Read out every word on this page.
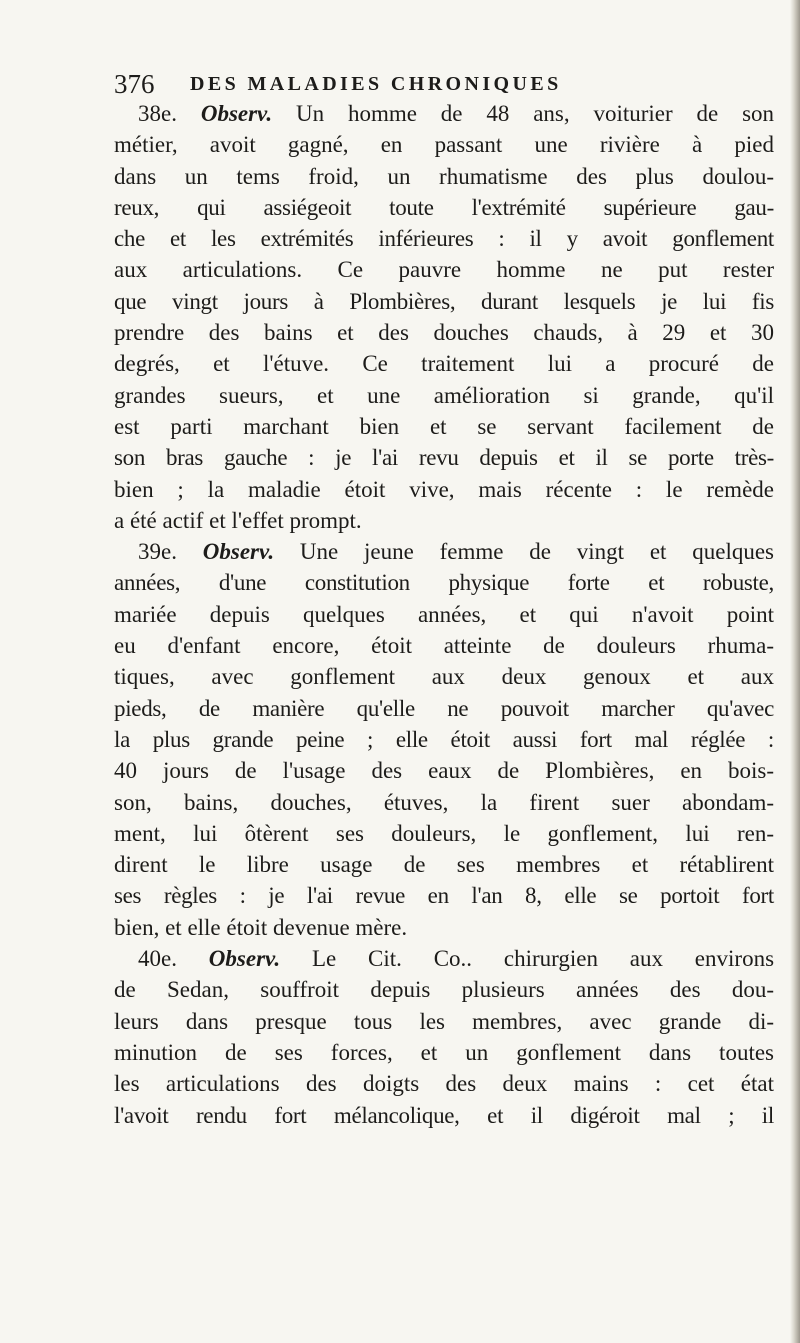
376 DES MALADIES CHRONIQUES
38e. Observ. Un homme de 48 ans, voiturier de son
métier, avoit gagné, en passant une rivière à pied
dans un tems froid, un rhumatisme des plus doulou-
reux, qui assiégeoit toute l'extrémité supérieure gau-
che et les extrémités inférieures : il y avoit gonflement
aux articulations. Ce pauvre homme ne put rester
que vingt jours à Plombières, durant lesquels je lui fis
prendre des bains et des douches chauds, à 29 et 30
degrés, et l'étuve. Ce traitement lui a procuré de
grandes sueurs, et une amélioration si grande, qu'il
est parti marchant bien et se servant facilement de
son bras gauche : je l'ai revu depuis et il se porte très-
bien ; la maladie étoit vive, mais récente : le remède
a été actif et l'effet prompt.
39e. Observ. Une jeune femme de vingt et quelques
années, d'une constitution physique forte et robuste,
mariée depuis quelques années, et qui n'avoit point
eu d'enfant encore, étoit atteinte de douleurs rhuma-
tiques, avec gonflement aux deux genoux et aux
pieds, de manière qu'elle ne pouvoit marcher qu'avec
la plus grande peine ; elle étoit aussi fort mal réglée :
40 jours de l'usage des eaux de Plombières, en bois-
son, bains, douches, étuves, la firent suer abondam-
ment, lui ôtèrent ses douleurs, le gonflement, lui ren-
dirent le libre usage de ses membres et rétablirent
ses règles : je l'ai revue en l'an 8, elle se portoit fort
bien, et elle étoit devenue mère.
40e. Observ. Le Cit. Co.. chirurgien aux environs
de Sedan, souffroit depuis plusieurs années des dou-
leurs dans presque tous les membres, avec grande di-
minution de ses forces, et un gonflement dans toutes
les articulations des doigts des deux mains : cet état
l'avoit rendu fort mélancolique, et il digéroit mal ; il
